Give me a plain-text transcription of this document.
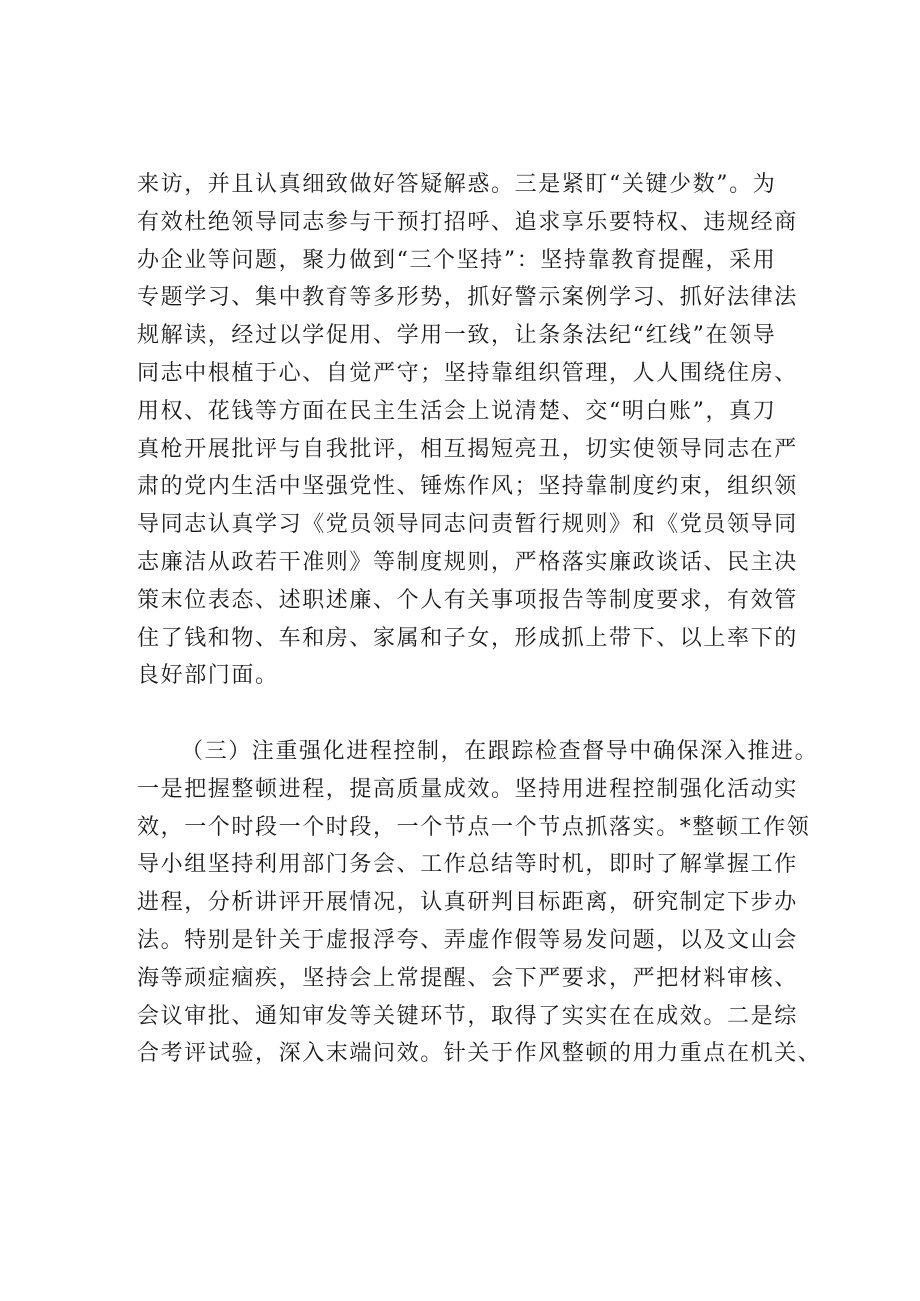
来访，并且认真细致做好答疑解惑。三是紧盯“关键少数”。为
有效杜绝领导同志参与干预打招呼、追求享乐要特权、违规经商
办企业等问题，聚力做到“三个坚持”：坚持靠教育提醒，采用
专题学习、集中教育等多形势，抓好警示案例学习、抓好法律法
规解读，经过以学促用、学用一致，让条条法纪“红线”在领导
同志中根植于心、自觉严守；坚持靠组织管理，人人围绕住房、
用权、花钱等方面在民主生活会上说清楚、交“明白账”，真刀
真枪开展批评与自我批评，相互揭短亮丑，切实使领导同志在严
肃的党内生活中坚强党性、锤炼作风；坚持靠制度约束，组织领
导同志认真学习《党员领导同志问责暂行规则》和《党员领导同
志廉洁从政若干准则》等制度规则，严格落实廉政谈话、民主决
策末位表态、述职述廉、个人有关事项报告等制度要求，有效管
住了钱和物、车和房、家属和子女，形成抓上带下、以上率下的
良好部门面。
（三）注重强化进程控制，在跟踪检查督导中确保深入推进。
一是把握整顿进程，提高质量成效。坚持用进程控制强化活动实
效，一个时段一个时段，一个节点一个节点抓落实。*整顿工作领
导小组坚持利用部门务会、工作总结等时机，即时了解掌握工作
进程，分析讲评开展情况，认真研判目标距离，研究制定下步办
法。特别是针关于虚报浮夸、弄虚作假等易发问题，以及文山会
海等顽症痼疾，坚持会上常提醒、会下严要求，严把材料审核、
会议审批、通知审发等关键环节，取得了实实在在成效。二是综
合考评试验，深入末端问效。针关于作风整顿的用力重点在机关、
